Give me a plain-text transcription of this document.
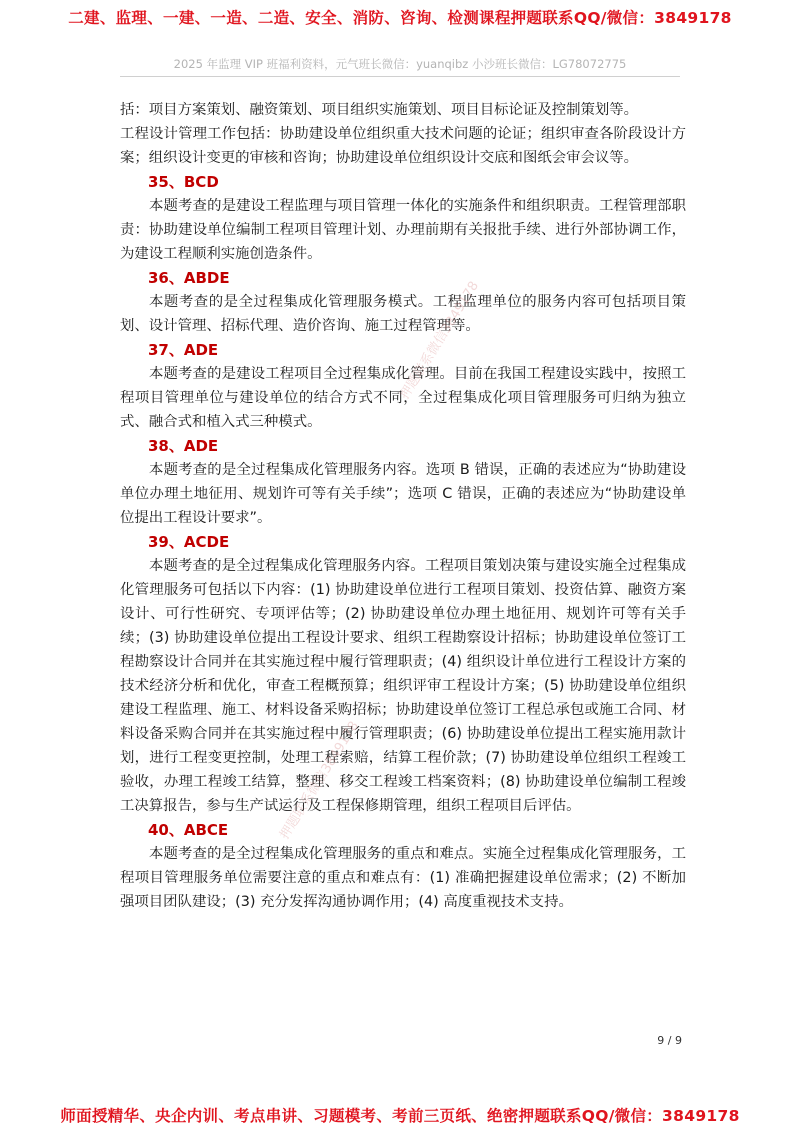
二建、监理、一建、一造、二造、安全、消防、咨询、检测课程押题联系QQ/微信：3849178
2025 年监理 VIP 班福利资料，元气班长微信：yuanqibz 小沙班长微信：LG78072775

括：项目方案策划、融资策划、项目组织实施策划、项目目标论证及控制策划等。

工程设计管理工作包括：协助建设单位组织重大技术问题的论证；组织审查各阶段设计方案；组织设计变更的审核和咨询；协助建设单位组织设计交底和图纸会审会议等。

35、BCD

本题考查的是建设工程监理与项目管理一体化的实施条件和组织职责。工程管理部职责：协助建设单位编制工程项目管理计划、办理前期有关报批手续、进行外部协调工作，为建设工程顺利实施创造条件。

36、ABDE

本题考查的是全过程集成化管理服务模式。工程监理单位的服务内容可包括项目策划、设计管理、招标代理、造价咨询、施工过程管理等。

37、ADE

本题考查的是建设工程项目全过程集成化管理。目前在我国工程建设实践中，按照工程项目管理单位与建设单位的结合方式不同，全过程集成化项目管理服务可归纳为独立式、融合式和植入式三种模式。

38、ADE

本题考查的是全过程集成化管理服务内容。选项 B 错误，正确的表述应为“协助建设单位办理土地征用、规划许可等有关手续”；选项 C 错误，正确的表述应为“协助建设单位提出工程设计要求”。

39、ACDE

本题考查的是全过程集成化管理服务内容。工程项目策划决策与建设实施全过程集成化管理服务可包括以下内容：(1) 协助建设单位进行工程项目策划、投资估算、融资方案设计、可行性研究、专项评估等；(2) 协助建设单位办理土地征用、规划许可等有关手续；(3) 协助建设单位提出工程设计要求、组织工程勘察设计招标；协助建设单位签订工程勘察设计合同并在其实施过程中履行管理职责；(4) 组织设计单位进行工程设计方案的技术经济分析和优化，审查工程概预算；组织评审工程设计方案；(5) 协助建设单位组织建设工程监理、施工、材料设备采购招标；协助建设单位签订工程总承包或施工合同、材料设备采购合同并在其实施过程中履行管理职责；(6) 协助建设单位提出工程实施用款计划，进行工程变更控制，处理工程索赔，结算工程价款；(7) 协助建设单位组织工程竣工验收，办理工程竣工结算，整理、移交工程竣工档案资料；(8) 协助建设单位编制工程竣工决算报告，参与生产试运行及工程保修期管理，组织工程项目后评估。

40、ABCE

本题考查的是全过程集成化管理服务的重点和难点。实施全过程集成化管理服务，工程项目管理服务单位需要注意的重点和难点有：(1) 准确把握建设单位需求；(2) 不断加强项目团队建设；(3) 充分发挥沟通协调作用；(4) 高度重视技术支持。

押题联系微信3849178
押题联系微信3849178
9 / 9
师面授精华、央企内训、考点串讲、习题模考、考前三页纸、绝密押题联系QQ/微信：3849178
